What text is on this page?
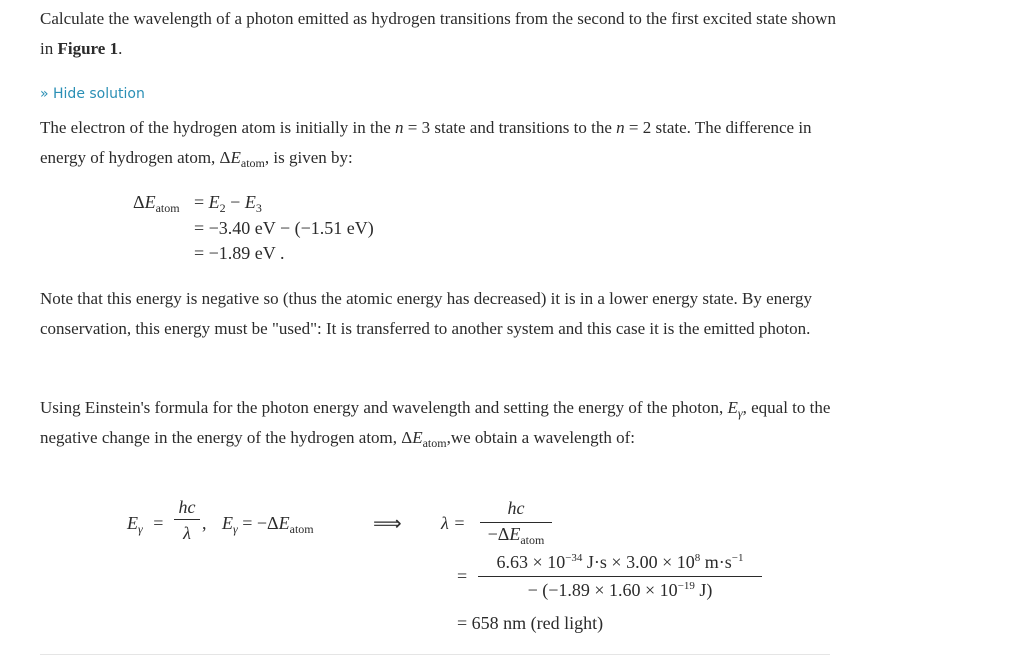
Calculate the wavelength of a photon emitted as hydrogen transitions from the second to the first excited state shown in Figure 1.
» Hide solution
The electron of the hydrogen atom is initially in the n = 3 state and transitions to the n = 2 state. The difference in energy of hydrogen atom, $\Delta E_{atom}$, is given by:
$\Delta E_{atom} = E_2 - E_3$
= −3.40 eV − (−1.51 eV)
= −1.89 eV .
Note that this energy is negative so (thus the atomic energy has decreased) it is in a lower energy state. By energy conservation, this energy must be "used": It is transferred to another system and this case it is the emitted photon.
Using Einstein's formula for the photon energy and wavelength and setting the energy of the photon, $E_\gamma$, equal to the negative change in the energy of the hydrogen atom, $\Delta E_{atom},we$ obtain a wavelength of:
$E_\gamma$ =
hc
λ , $E_\gamma = -\Delta E_{atom}$	⟹ λ =
hc
$-\Delta E_{atom}$
=
$6.63 \times 10^{-34}$ $J\cdot s \times 3.00 \times 10^8$ $m\cdot s^{-1}$
− ($-1.89 \times 1.60 \times 10^{-19}$ J)
= 658 nm (red light)
